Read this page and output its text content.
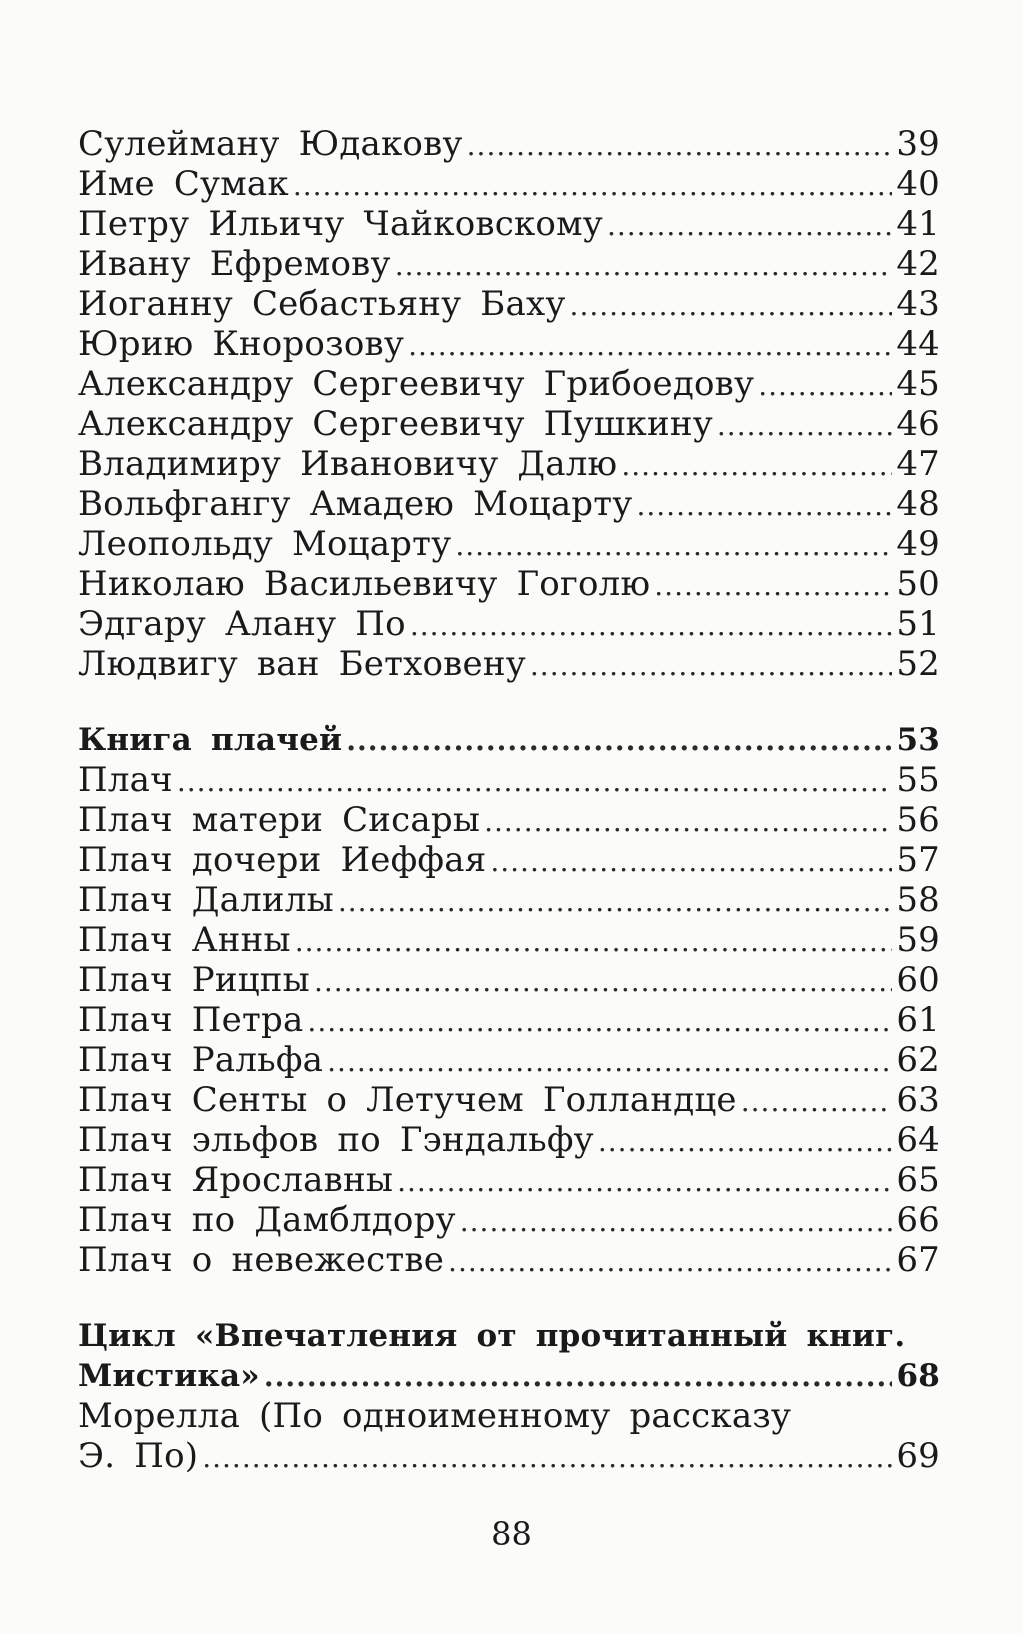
Сулейману Юдакову .....	39
Име Сумак .....	40
Петру Ильичу Чайковскому .....	41
Ивану Ефремову .....	42
Иоганну Себастьяну Баху .....	43
Юрию Кнорозову .....	44
Александру Сергеевичу Грибоедову .....	45
Александру Сергеевичу Пушкину .....	46
Владимиру Ивановичу Далю .....	47
Вольфгангу Амадею Моцарту .....	48
Леопольду Моцарту .....	49
Николаю Васильевичу Гоголю .....	50
Эдгару Алану По .....	51
Людвигу ван Бетховену .....	52
Книга плачей .....	53
Плач .....	55
Плач матери Сисары .....	56
Плач дочери Иеффая .....	57
Плач Далилы .....	58
Плач Анны .....	59
Плач Рицпы .....	60
Плач Петра .....	61
Плач Ральфа .....	62
Плач Сенты о Летучем Голландце .....	63
Плач эльфов по Гэндальфу .....	64
Плач Ярославны .....	65
Плач по Дамблдору .....	66
Плач о невежестве .....	67
Цикл «Впечатления от прочитанный книг.
Мистика» .....	68
Морелла (По одноименному рассказу
Э. По) .....	69
88
